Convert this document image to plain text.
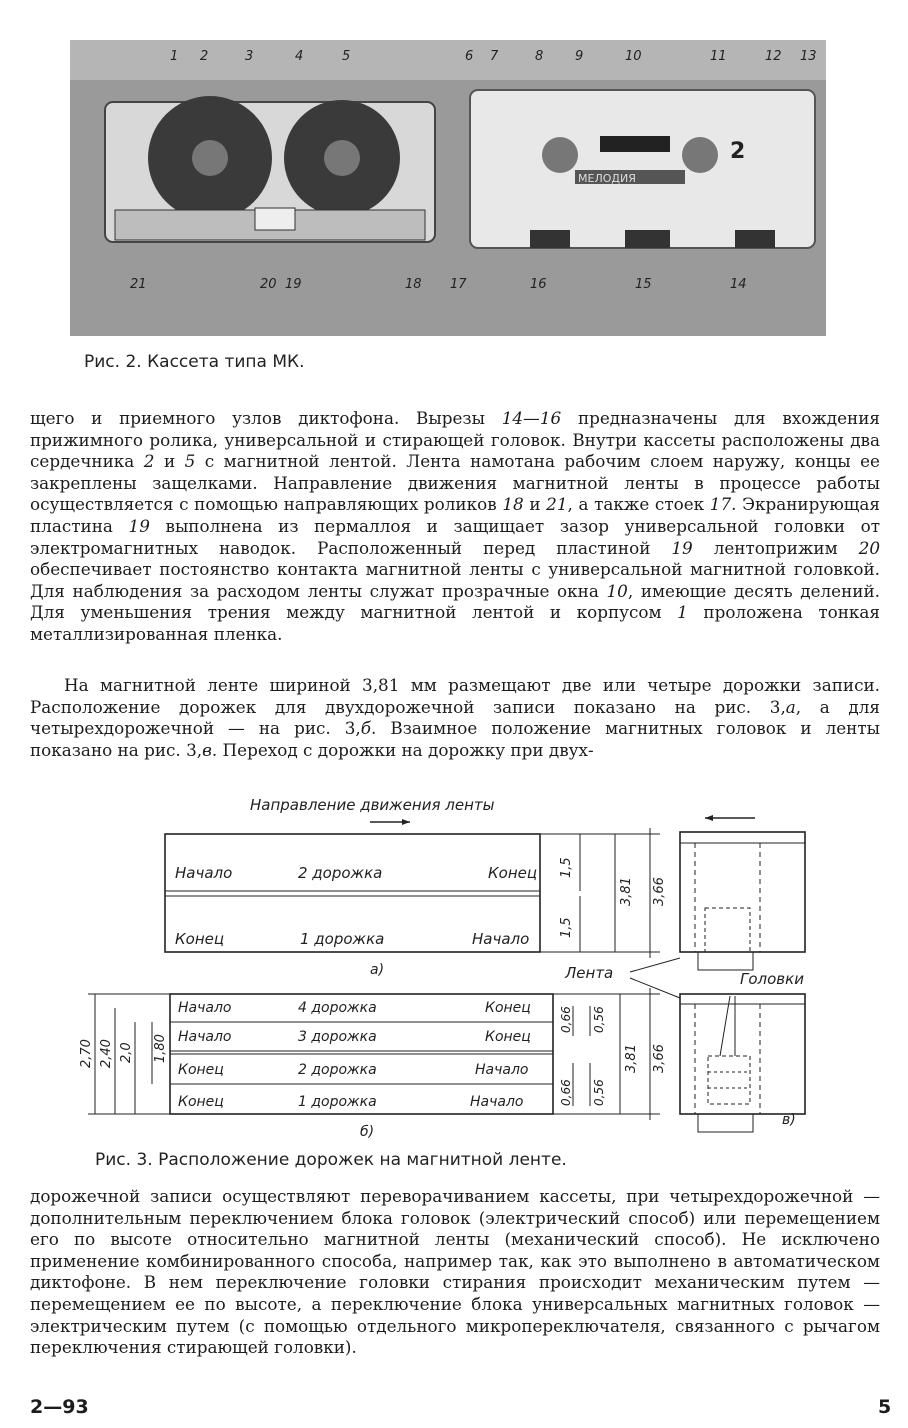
2
МЕЛОДИЯ
1 2	3	4	5	6 7	8 9	10	11	12 13
21	20 19	18 17	16	15	14
Рис. 2. Кассета типа МК.

щего и приемного узлов диктофона. Вырезы 14—16 предназначены для вхождения прижимного ролика, универсальной и стирающей головок. Внутри кассеты расположены два сердечника 2 и 5 с магнитной лентой. Лента намотана рабочим слоем наружу, концы ее закреплены защелками. Направление движения магнитной ленты в процессе работы осуществляется с помощью направляющих роликов 18 и 21, а также стоек 17. Экранирующая пластина 19 выполнена из пермаллоя и защищает зазор универсальной головки от электромагнитных наводок. Расположенный перед пластиной 19 лентоприжим 20 обеспечивает постоянство контакта магнитной ленты с универсальной магнитной головкой. Для наблюдения за расходом ленты служат прозрачные окна 10, имеющие десять делений. Для уменьшения трения между магнитной лентой и корпусом 1 проложена тонкая металлизированная пленка.

На магнитной ленте шириной 3,81 мм размещают две или четыре дорожки записи. Расположение дорожек для двухдорожечной записи показано на рис. 3,а, а для четырехдорожечной — на рис. 3,б. Взаимное положение магнитных головок и ленты показано на рис. 3,в. Переход с дорожки на дорожку при двух-

Направление движения ленты
Начало	2 дорожка	Конец
Конец	1 дорожка	Начало
1,5
1,5
3,81 3,66
а)
Начало	4 дорожка	Конец
Начало	3 дорожка	Конец
Конец	2 дорожка	Начало
Конец	1 дорожка	Начало
2,70 2,40 2,0 1,80
0,66 0,56
0,66 0,56
3,81 3,66
б)
Лента	Головки
в)
Рис. 3. Расположение дорожек на магнитной ленте.

дорожечной записи осуществляют переворачиванием кассеты, при четырехдорожечной — дополнительным переключением блока головок (электрический способ) или перемещением его по высоте относительно магнитной ленты (механический способ). Не исключено применение комбинированного способа, например так, как это выполнено в автоматическом диктофоне. В нем переключение головки стирания происходит механическим путем — перемещением ее по высоте, а переключение блока универсальных магнитных головок — электрическим путем (с помощью отдельного микропереключателя, связанного с рычагом переключения стирающей головки).

2—93	5
